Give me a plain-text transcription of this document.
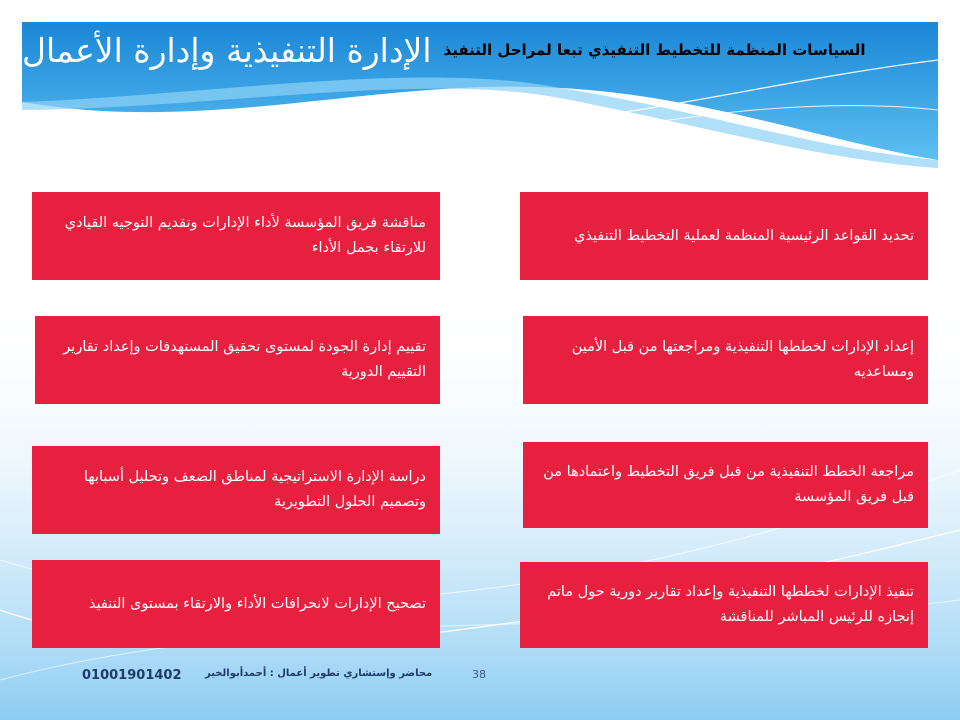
الإدارة التنفيذية وإدارة الأعمال السياسات المنظمة للتخطيط التنفيذي تبعا لمراحل التنفيذ
تحديد القواعد الرئيسية المنظمة لعملية التخطيط التنفيذي
إعداد الإدارات لخططها التنفيذية ومراجعتها من قبل الأمين ومساعديه
مراجعة الخطط التنفيذية من قبل فريق التخطيط واعتمادها من قبل فريق المؤسسة
تنفيذ الإدارات لخططها التنفيذية وإعداد تقارير دورية حول ماتم إنجازه للرئيس المباشر للمناقشة
مناقشة فريق المؤسسة لأداء الإدارات وتقديم التوجيه القيادي للارتقاء بجمل الأداء
تقييم إدارة الجودة لمستوى تحقيق المستهدفات وإعداد تقارير التقييم الدورية
دراسة الإدارة الاستراتيجية لمناطق الضعف وتحليل أسبابها وتصميم الحلول التطويرية
تصحيح الإدارات لانحرافات الأداء والارتقاء بمستوى التنفيذ
01001901402 محاضر وإستشاري تطوير أعمال : أحمدأبوالخير	38
